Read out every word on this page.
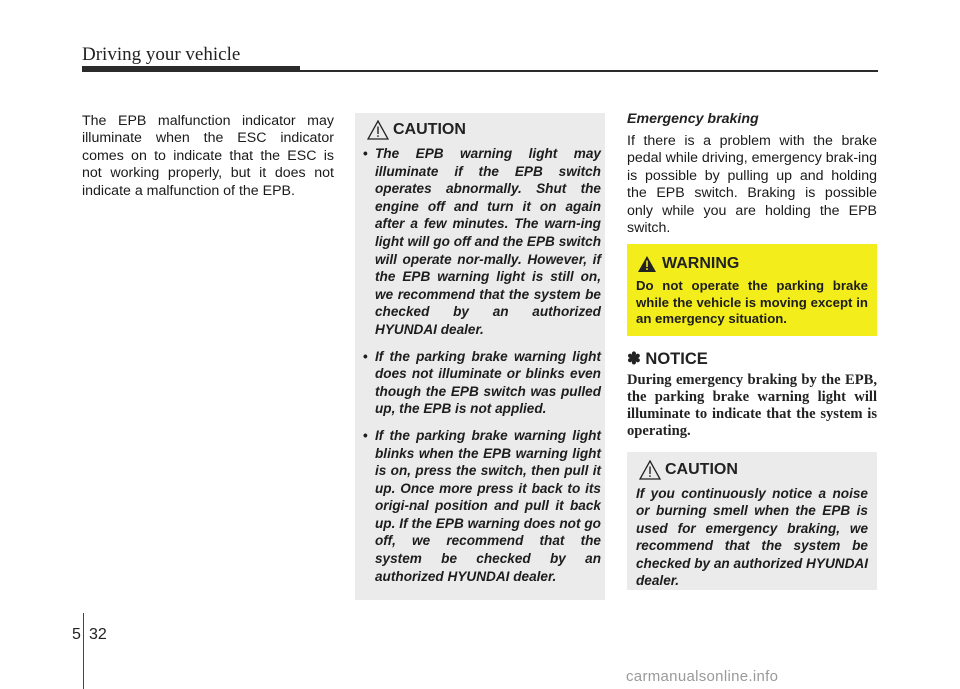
Driving your vehicle

The EPB malfunction indicator may illuminate when the ESC indicator comes on to indicate that the ESC is not working properly, but it does not indicate a malfunction of the EPB.

CAUTION
• The EPB warning light may illuminate if the EPB switch operates abnormally. Shut the engine off and turn it on again after a few minutes. The warn-ing light will go off and the EPB switch will operate nor-mally. However, if the EPB warning light is still on, we recommend that the system be checked by an authorized HYUNDAI dealer.
• If the parking brake warning light does not illuminate or blinks even though the EPB switch was pulled up, the EPB is not applied.
• If the parking brake warning light blinks when the EPB warning light is on, press the switch, then pull it up. Once more press it back to its origi-nal position and pull it back up. If the EPB warning does not go off, we recommend that the system be checked by an authorized HYUNDAI dealer.
Emergency braking

If there is a problem with the brake pedal while driving, emergency brak-ing is possible by pulling up and holding the EPB switch. Braking is possible only while you are holding the EPB switch.

WARNING

Do not operate the parking brake while the vehicle is moving except in an emergency situation.

✽ NOTICE

During emergency braking by the EPB, the parking brake warning light will illuminate to indicate that the system is operating.

CAUTION

If you continuously notice a noise or burning smell when the EPB is used for emergency braking, we recommend that the system be checked by an authorized HYUNDAI dealer.

5 32
carmanualsonline.info
